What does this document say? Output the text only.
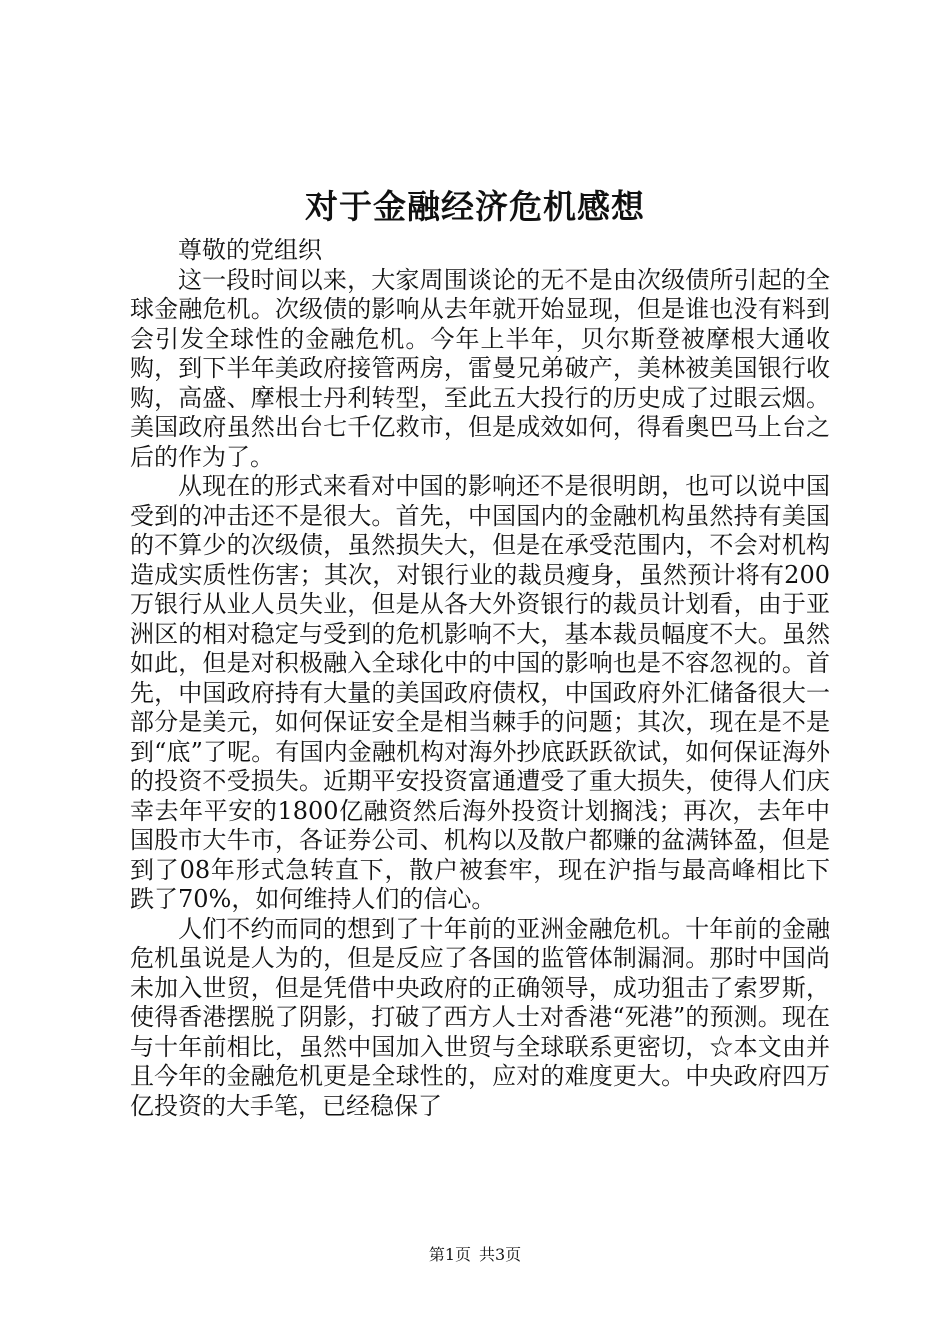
对于金融经济危机感想

尊敬的党组织

这一段时间以来，大家周围谈论的无不是由次级债所引起的全球金融危机。次级债的影响从去年就开始显现，但是谁也没有料到会引发全球性的金融危机。今年上半年，贝尔斯登被摩根大通收购，到下半年美政府接管两房，雷曼兄弟破产，美林被美国银行收购，高盛、摩根士丹利转型，至此五大投行的历史成了过眼云烟。美国政府虽然出台七千亿救市，但是成效如何，得看奥巴马上台之后的作为了。

从现在的形式来看对中国的影响还不是很明朗，也可以说中国受到的冲击还不是很大。首先，中国国内的金融机构虽然持有美国的不算少的次级债，虽然损失大，但是在承受范围内，不会对机构造成实质性伤害；其次，对银行业的裁员瘦身，虽然预计将有200万银行从业人员失业，但是从各大外资银行的裁员计划看，由于亚洲区的相对稳定与受到的危机影响不大，基本裁员幅度不大。虽然如此，但是对积极融入全球化中的中国的影响也是不容忽视的。首先，中国政府持有大量的美国政府债权，中国政府外汇储备很大一部分是美元，如何保证安全是相当棘手的问题；其次，现在是不是到“底”了呢。有国内金融机构对海外抄底跃跃欲试，如何保证海外的投资不受损失。近期平安投资富通遭受了重大损失，使得人们庆幸去年平安的1800亿融资然后海外投资计划搁浅；再次，去年中国股市大牛市，各证券公司、机构以及散户都赚的盆满钵盈，但是到了08年形式急转直下，散户被套牢，现在沪指与最高峰相比下跌了70%，如何维持人们的信心。

人们不约而同的想到了十年前的亚洲金融危机。十年前的金融危机虽说是人为的，但是反应了各国的监管体制漏洞。那时中国尚未加入世贸，但是凭借中央政府的正确领导，成功狙击了索罗斯，使得香港摆脱了阴影，打破了西方人士对香港“死港”的预测。现在与十年前相比，虽然中国加入世贸与全球联系更密切，☆本文由并且今年的金融危机更是全球性的，应对的难度更大。中央政府四万亿投资的大手笔，已经稳保了

第1页 共3页
